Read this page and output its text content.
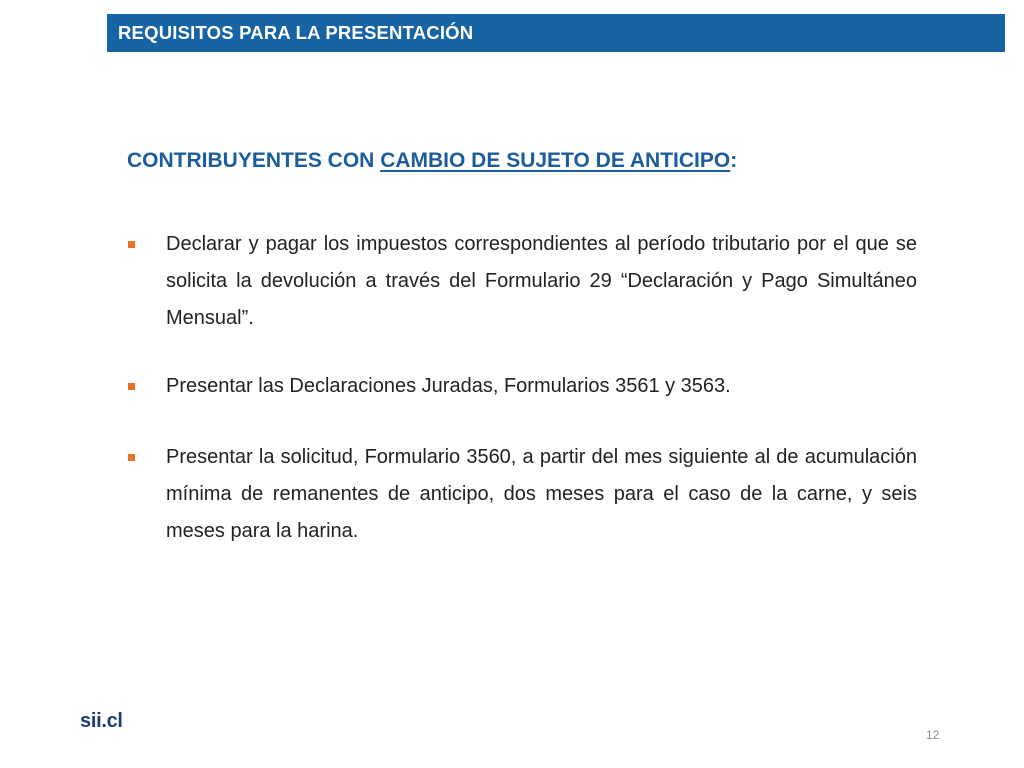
REQUISITOS PARA LA PRESENTACIÓN
CONTRIBUYENTES CON CAMBIO DE SUJETO DE ANTICIPO:
Declarar y pagar los impuestos correspondientes al período tributario por el que se solicita la devolución a través del Formulario 29 “Declaración y Pago Simultáneo Mensual”.
Presentar las Declaraciones Juradas, Formularios 3561 y 3563.
Presentar la solicitud, Formulario 3560, a partir del mes siguiente al de acumulación mínima de remanentes de anticipo, dos meses para el caso de la carne, y seis meses para la harina.
sii.cl
12
